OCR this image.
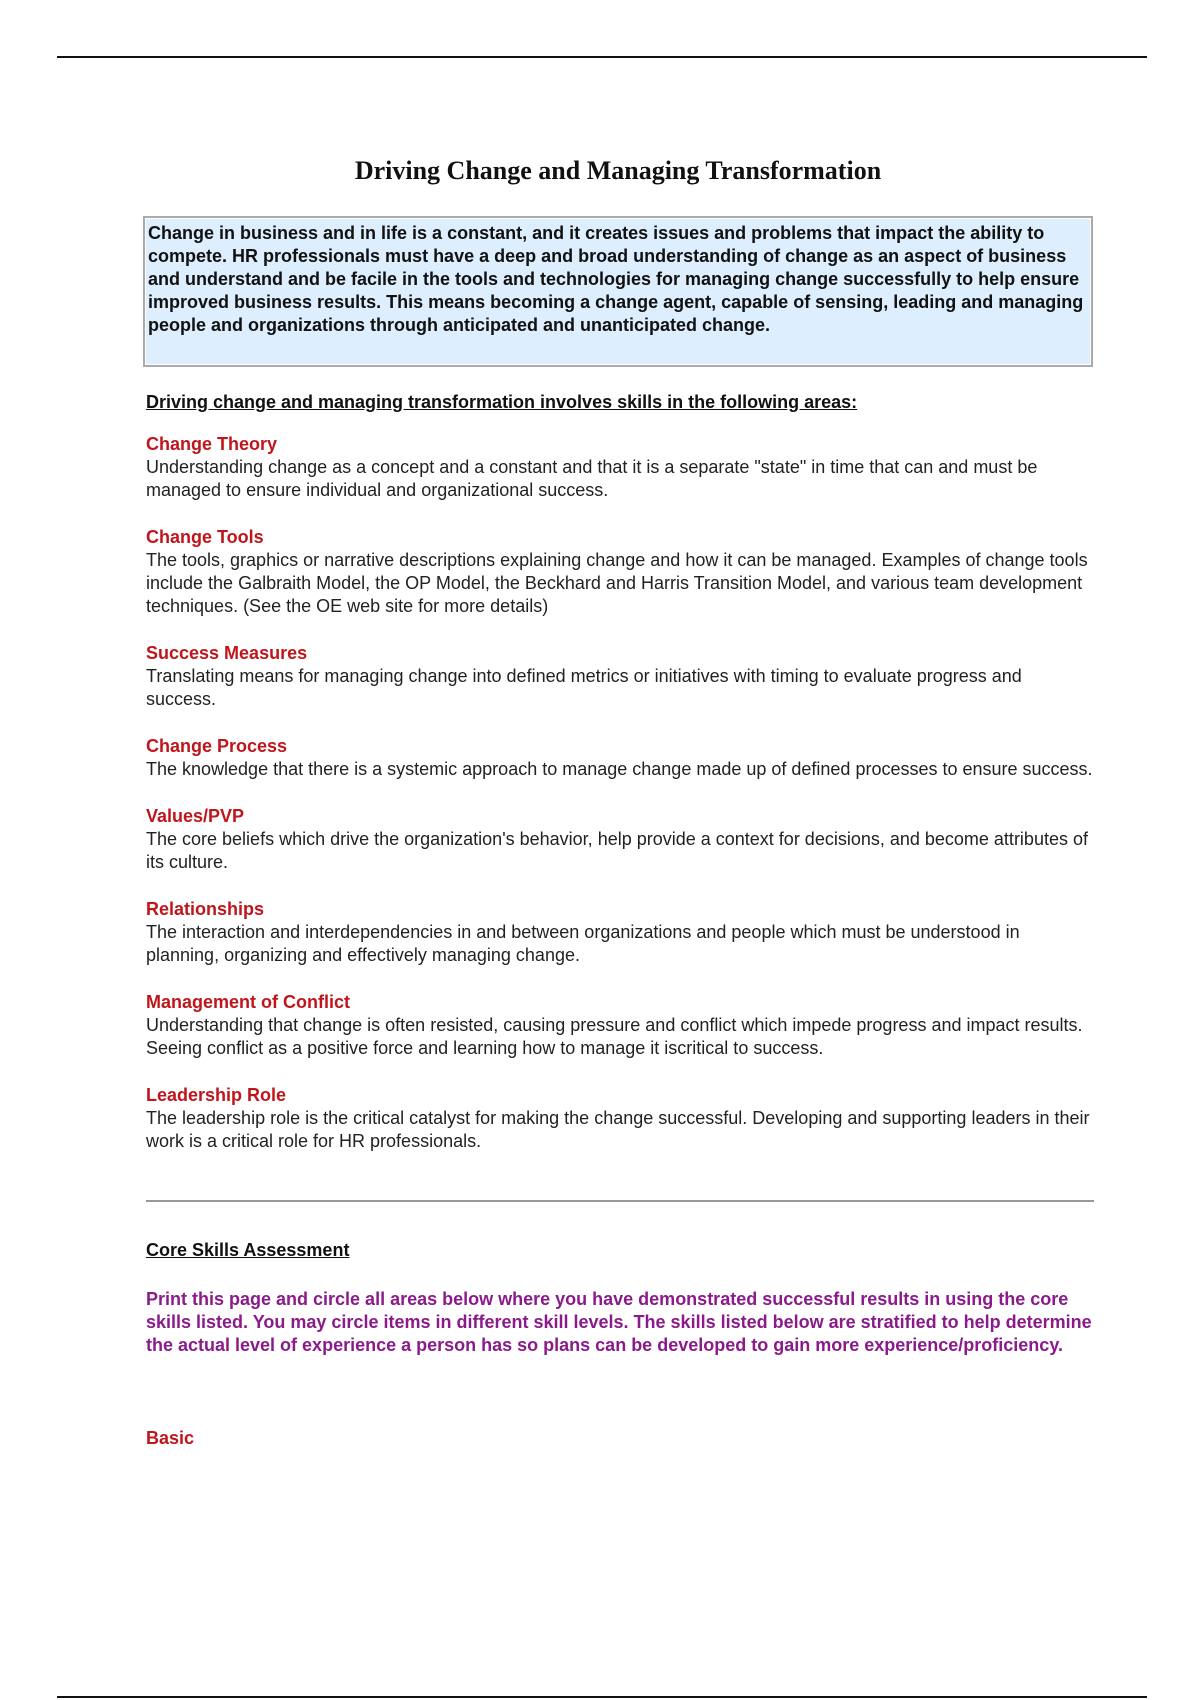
Driving Change and Managing Transformation
Change in business and in life is a constant, and it creates issues and problems that impact the ability to compete. HR professionals must have a deep and broad understanding of change as an aspect of business and understand and be facile in the tools and technologies for managing change successfully to help ensure improved business results. This means becoming a change agent, capable of sensing, leading and managing people and organizations through anticipated and unanticipated change.
Driving change and managing transformation involves skills in the following areas:
Change Theory
Understanding change as a concept and a constant and that it is a separate "state" in time that can and must be managed to ensure individual and organizational success.
Change Tools
The tools, graphics or narrative descriptions explaining change and how it can be managed. Examples of change tools include the Galbraith Model, the OP Model, the Beckhard and Harris Transition Model, and various team development techniques. (See the OE web site for more details)
Success Measures
Translating means for managing change into defined metrics or initiatives with timing to evaluate progress and success.
Change Process
The knowledge that there is a systemic approach to manage change made up of defined processes to ensure success.
Values/PVP
The core beliefs which drive the organization's behavior, help provide a context for decisions, and become attributes of its culture.
Relationships
The interaction and interdependencies in and between organizations and people which must be understood in planning, organizing and effectively managing change.
Management of Conflict
Understanding that change is often resisted, causing pressure and conflict which impede progress and impact results. Seeing conflict as a positive force and learning how to manage it iscritical to success.
Leadership Role
The leadership role is the critical catalyst for making the change successful. Developing and supporting leaders in their work is a critical role for HR professionals.
Core Skills Assessment
Print this page and circle all areas below where you have demonstrated successful results in using the core skills listed. You may circle items in different skill levels. The skills listed below are stratified to help determine the actual level of experience a person has so plans can be developed to gain more experience/proficiency.
Basic
